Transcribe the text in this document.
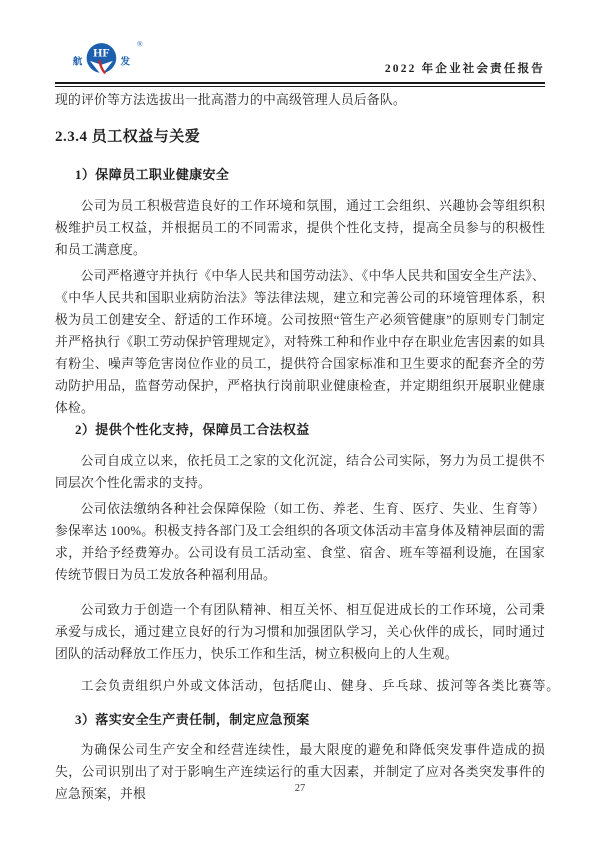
航
HF
发
®
2022 年企业社会责任报告

现的评价等方法选拔出一批高潜力的中高级管理人员后备队。

2.3.4 员工权益与关爱
1）保障员工职业健康安全

公司为员工积极营造良好的工作环境和氛围，通过工会组织、兴趣协会等组织积极维护员工权益，并根据员工的不同需求，提供个性化支持，提高全员参与的积极性和员工满意度。

公司严格遵守并执行《中华人民共和国劳动法》、《中华人民共和国安全生产法》、《中华人民共和国职业病防治法》等法律法规，建立和完善公司的环境管理体系，积极为员工创建安全、舒适的工作环境。公司按照“管生产必须管健康”的原则专门制定并严格执行《职工劳动保护管理规定》，对特殊工种和作业中存在职业危害因素的如具有粉尘、噪声等危害岗位作业的员工，提供符合国家标准和卫生要求的配套齐全的劳动防护用品，监督劳动保护，严格执行岗前职业健康检查，并定期组织开展职业健康体检。

2）提供个性化支持，保障员工合法权益

公司自成立以来，依托员工之家的文化沉淀，结合公司实际，努力为员工提供不同层次个性化需求的支持。

公司依法缴纳各种社会保障保险（如工伤、养老、生育、医疗、失业、生育等）参保率达 100%。积极支持各部门及工会组织的各项文体活动丰富身体及精神层面的需求，并给予经费筹办。公司设有员工活动室、食堂、宿舍、班车等福利设施，在国家传统节假日为员工发放各种福利用品。

公司致力于创造一个有团队精神、相互关怀、相互促进成长的工作环境，公司秉承爱与成长，通过建立良好的行为习惯和加强团队学习，关心伙伴的成长，同时通过团队的活动释放工作压力，快乐工作和生活，树立积极向上的人生观。

工会负责组织户外或文体活动，包括爬山、健身、乒乓球、拔河等各类比赛等。

3）落实安全生产责任制，制定应急预案

为确保公司生产安全和经营连续性，最大限度的避免和降低突发事件造成的损失，公司识别出了对于影响生产连续运行的重大因素，并制定了应对各类突发事件的应急预案，并根	27
